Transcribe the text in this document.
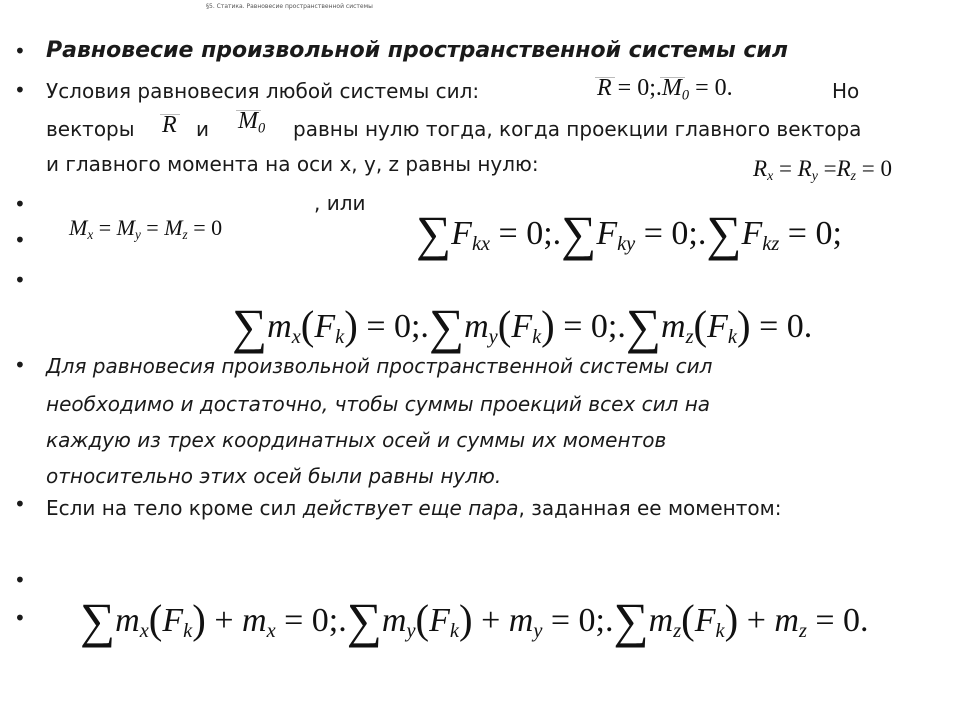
§5. Статика. Равновесие пространственной системы
•
•
•
•
•
•
•
•
•
Равновесие произвольной пространственной системы сил
Условия равновесия любой системы сил:	$R = 0;.M_0 = 0$.	Но
векторы R и $M_0$ равны нулю тогда, когда проекции главного вектора
и главного момента на оси x, y, z равны нулю:	$R_x = R_y =R_z = 0$
$M_x = M_y = M_z = 0$
, или
$\sum F_{kx}$ = $0;.\sum F_{ky}$ = $0;.\sum F_{kz} = 0$;
$\sum m_x(F_k)$ = $0;.\sum m_y(F_k)$ = $0;.\sum m_z(F_k) = 0$.
Для равновесия произвольной пространственной системы сил
необходимо и достаточно, чтобы суммы проекций всех сил на
каждую из трех координатных осей и суммы их моментов
относительно этих осей были равны нулю.
Если на тело кроме сил действует еще пара, заданная ее моментом:
$\sum m_x(F_k) + m_x$ = $0;.\sum m_y(F_k) + m_y$ = $0;.\sum m_z(F_k) + m_z = 0$.
